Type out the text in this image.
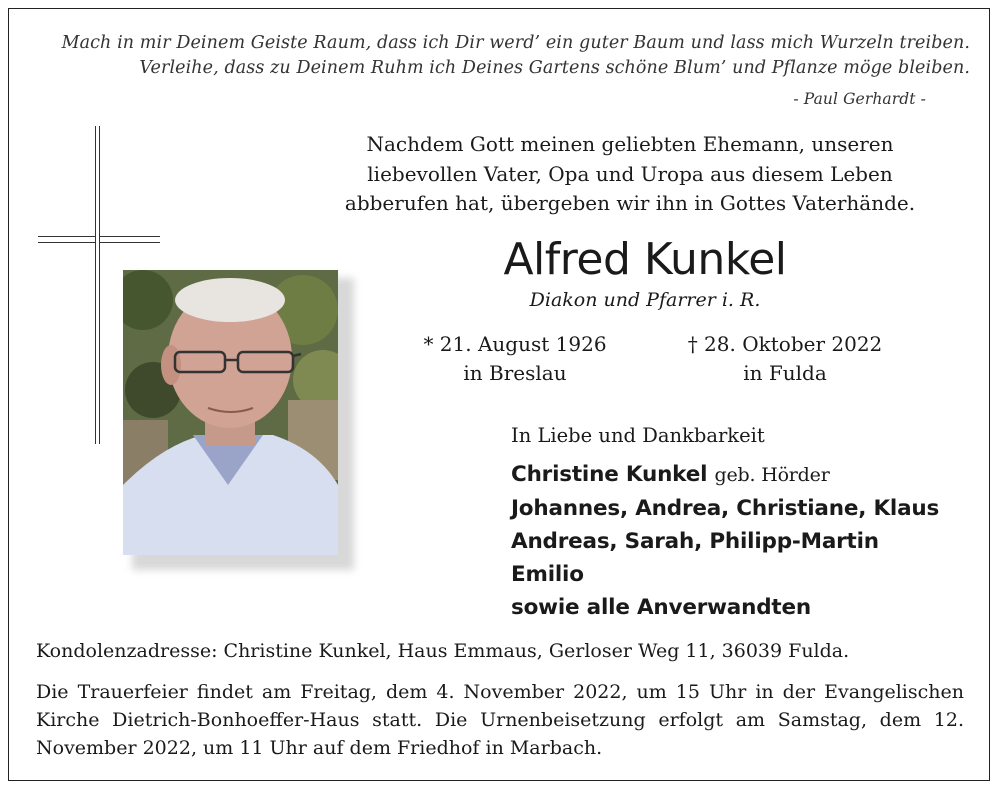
Mach in mir Deinem Geiste Raum, dass ich Dir werd’ ein guter Baum und lass mich Wurzeln treiben.
Verleihe, dass zu Deinem Ruhm ich Deines Gartens schöne Blum’ und Pflanze möge bleiben.
- Paul Gerhardt -
Nachdem Gott meinen geliebten Ehemann, unseren
liebevollen Vater, Opa und Uropa aus diesem Leben
abberufen hat, übergeben wir ihn in Gottes Vaterhände.
Alfred Kunkel
Diakon und Pfarrer i. R.
* 21. August 1926
in Breslau
† 28. Oktober 2022
in Fulda
In Liebe und Dankbarkeit
Christine Kunkel geb. Hörder
Johannes, Andrea, Christiane, Klaus
Andreas, Sarah, Philipp-Martin
Emilio
sowie alle Anverwandten
Kondolenzadresse: Christine Kunkel, Haus Emmaus, Gerloser Weg 11, 36039 Fulda.
Die Trauerfeier findet am Freitag, dem 4. November 2022, um 15 Uhr in der Evangelischen Kirche Dietrich-Bonhoeffer-Haus statt. Die Urnenbeisetzung erfolgt am Samstag, dem 12. November 2022, um 11 Uhr auf dem Friedhof in Marbach.
